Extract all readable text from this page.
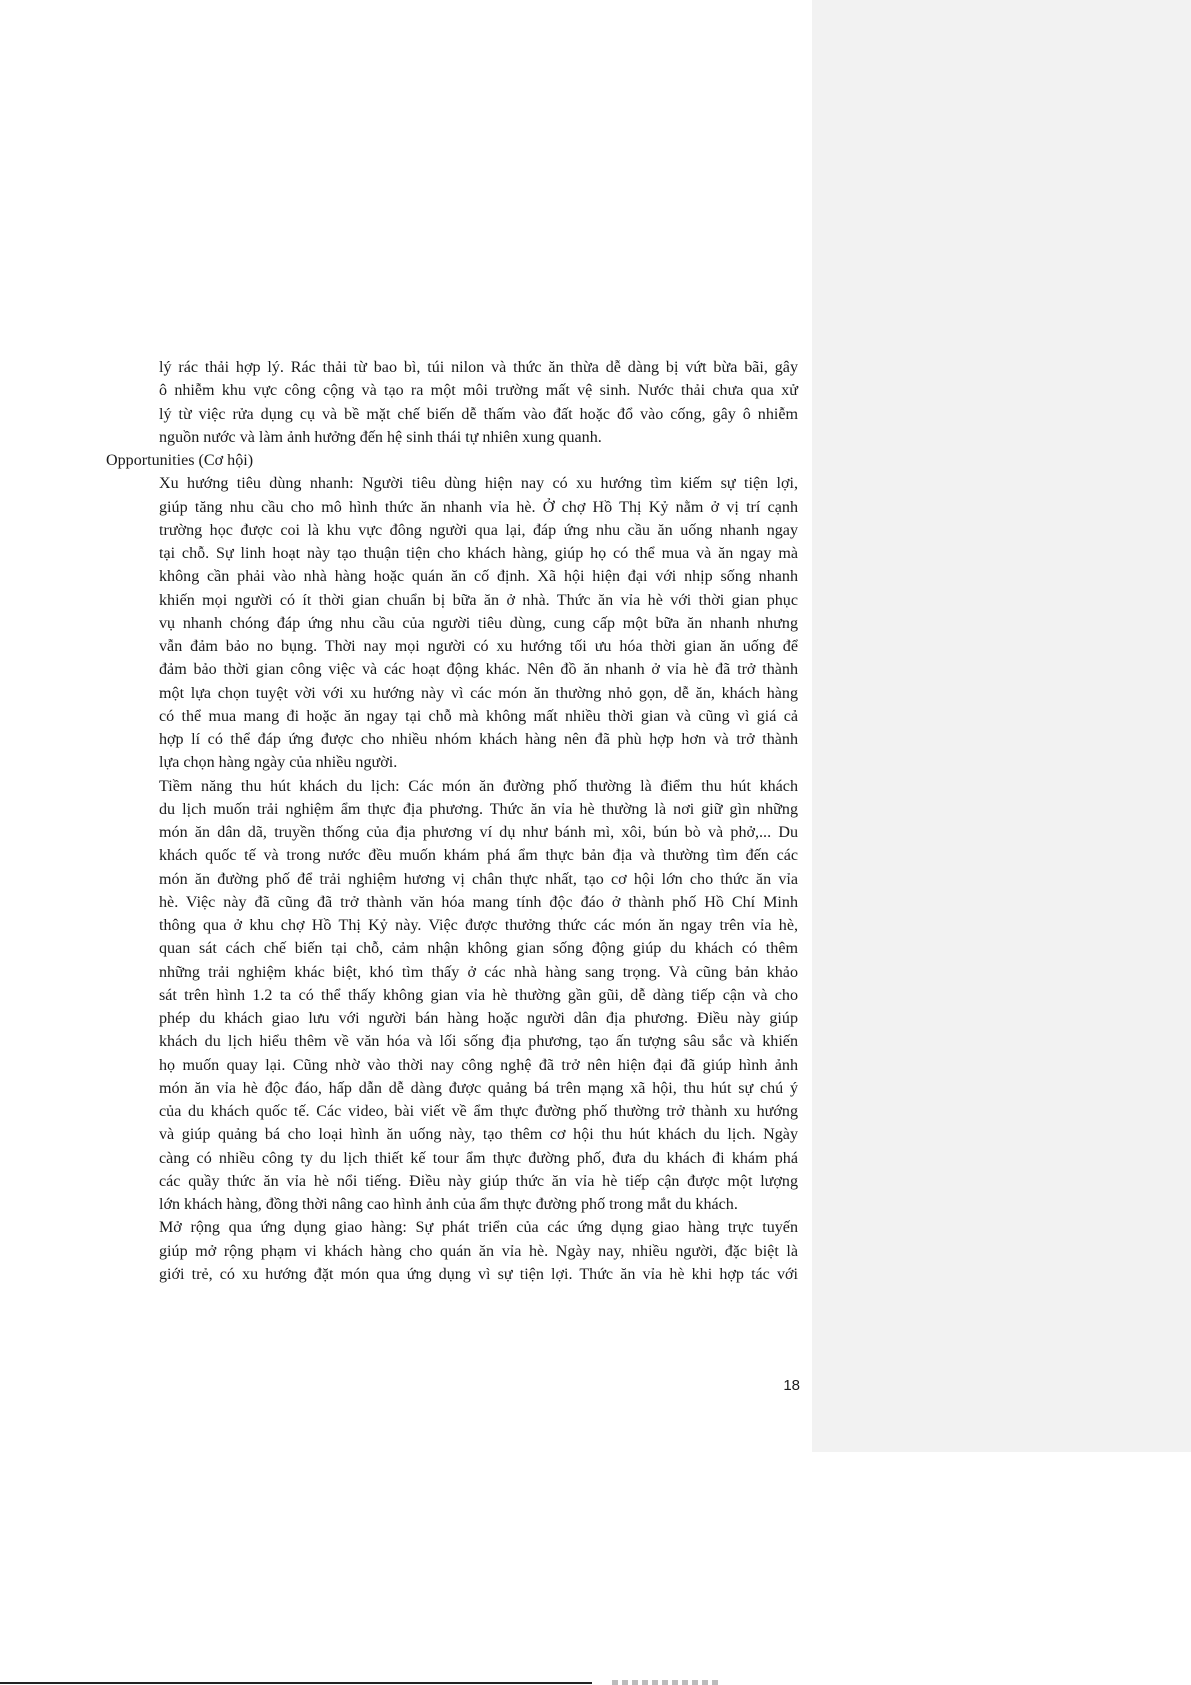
lý rác thải hợp lý. Rác thải từ bao bì, túi nilon và thức ăn thừa dễ dàng bị vứt bừa bãi, gây
ô nhiễm khu vực công cộng và tạo ra một môi trường mất vệ sinh. Nước thải chưa qua xử
lý từ việc rửa dụng cụ và bề mặt chế biến dễ thấm vào đất hoặc đổ vào cống, gây ô nhiễm
nguồn nước và làm ảnh hưởng đến hệ sinh thái tự nhiên xung quanh.
Opportunities (Cơ hội)
Xu hướng tiêu dùng nhanh: Người tiêu dùng hiện nay có xu hướng tìm kiếm sự tiện lợi,
giúp tăng nhu cầu cho mô hình thức ăn nhanh vỉa hè. Ở chợ Hồ Thị Kỷ nằm ở vị trí cạnh
trường học được coi là khu vực đông người qua lại, đáp ứng nhu cầu ăn uống nhanh ngay
tại chỗ. Sự linh hoạt này tạo thuận tiện cho khách hàng, giúp họ có thể mua và ăn ngay mà
không cần phải vào nhà hàng hoặc quán ăn cố định. Xã hội hiện đại với nhịp sống nhanh
khiến mọi người có ít thời gian chuẩn bị bữa ăn ở nhà. Thức ăn vỉa hè với thời gian phục
vụ nhanh chóng đáp ứng nhu cầu của người tiêu dùng, cung cấp một bữa ăn nhanh nhưng
vẫn đảm bảo no bụng. Thời nay mọi người có xu hướng tối ưu hóa thời gian ăn uống để
đảm bảo thời gian công việc và các hoạt động khác. Nên đồ ăn nhanh ở vỉa hè đã trở thành
một lựa chọn tuyệt vời với xu hướng này vì các món ăn thường nhỏ gọn, dễ ăn, khách hàng
có thể mua mang đi hoặc ăn ngay tại chỗ mà không mất nhiều thời gian và cũng vì giá cả
hợp lí có thể đáp ứng được cho nhiều nhóm khách hàng nên đã phù hợp hơn và trở thành
lựa chọn hàng ngày của nhiều người.
Tiềm năng thu hút khách du lịch: Các món ăn đường phố thường là điểm thu hút khách
du lịch muốn trải nghiệm ẩm thực địa phương. Thức ăn vỉa hè thường là nơi giữ gìn những
món ăn dân dã, truyền thống của địa phương ví dụ như bánh mì, xôi, bún bò và phở,... Du
khách quốc tế và trong nước đều muốn khám phá ẩm thực bản địa và thường tìm đến các
món ăn đường phố để trải nghiệm hương vị chân thực nhất, tạo cơ hội lớn cho thức ăn vỉa
hè. Việc này đã cũng đã trở thành văn hóa mang tính độc đáo ở thành phố Hồ Chí Minh
thông qua ở khu chợ Hồ Thị Kỷ này. Việc được thưởng thức các món ăn ngay trên vỉa hè,
quan sát cách chế biến tại chỗ, cảm nhận không gian sống động giúp du khách có thêm
những trải nghiệm khác biệt, khó tìm thấy ở các nhà hàng sang trọng. Và cũng bản khảo
sát trên hình 1.2 ta có thể thấy không gian vỉa hè thường gần gũi, dễ dàng tiếp cận và cho
phép du khách giao lưu với người bán hàng hoặc người dân địa phương. Điều này giúp
khách du lịch hiểu thêm về văn hóa và lối sống địa phương, tạo ấn tượng sâu sắc và khiến
họ muốn quay lại. Cũng nhờ vào thời nay công nghệ đã trở nên hiện đại đã giúp hình ảnh
món ăn vỉa hè độc đáo, hấp dẫn dễ dàng được quảng bá trên mạng xã hội, thu hút sự chú ý
của du khách quốc tế. Các video, bài viết về ẩm thực đường phố thường trở thành xu hướng
và giúp quảng bá cho loại hình ăn uống này, tạo thêm cơ hội thu hút khách du lịch. Ngày
càng có nhiều công ty du lịch thiết kế tour ẩm thực đường phố, đưa du khách đi khám phá
các quầy thức ăn vỉa hè nổi tiếng. Điều này giúp thức ăn vỉa hè tiếp cận được một lượng
lớn khách hàng, đồng thời nâng cao hình ảnh của ẩm thực đường phố trong mắt du khách.
Mở rộng qua ứng dụng giao hàng: Sự phát triển của các ứng dụng giao hàng trực tuyến
giúp mở rộng phạm vi khách hàng cho quán ăn vỉa hè. Ngày nay, nhiều người, đặc biệt là
giới trẻ, có xu hướng đặt món qua ứng dụng vì sự tiện lợi. Thức ăn vỉa hè khi hợp tác với
18
